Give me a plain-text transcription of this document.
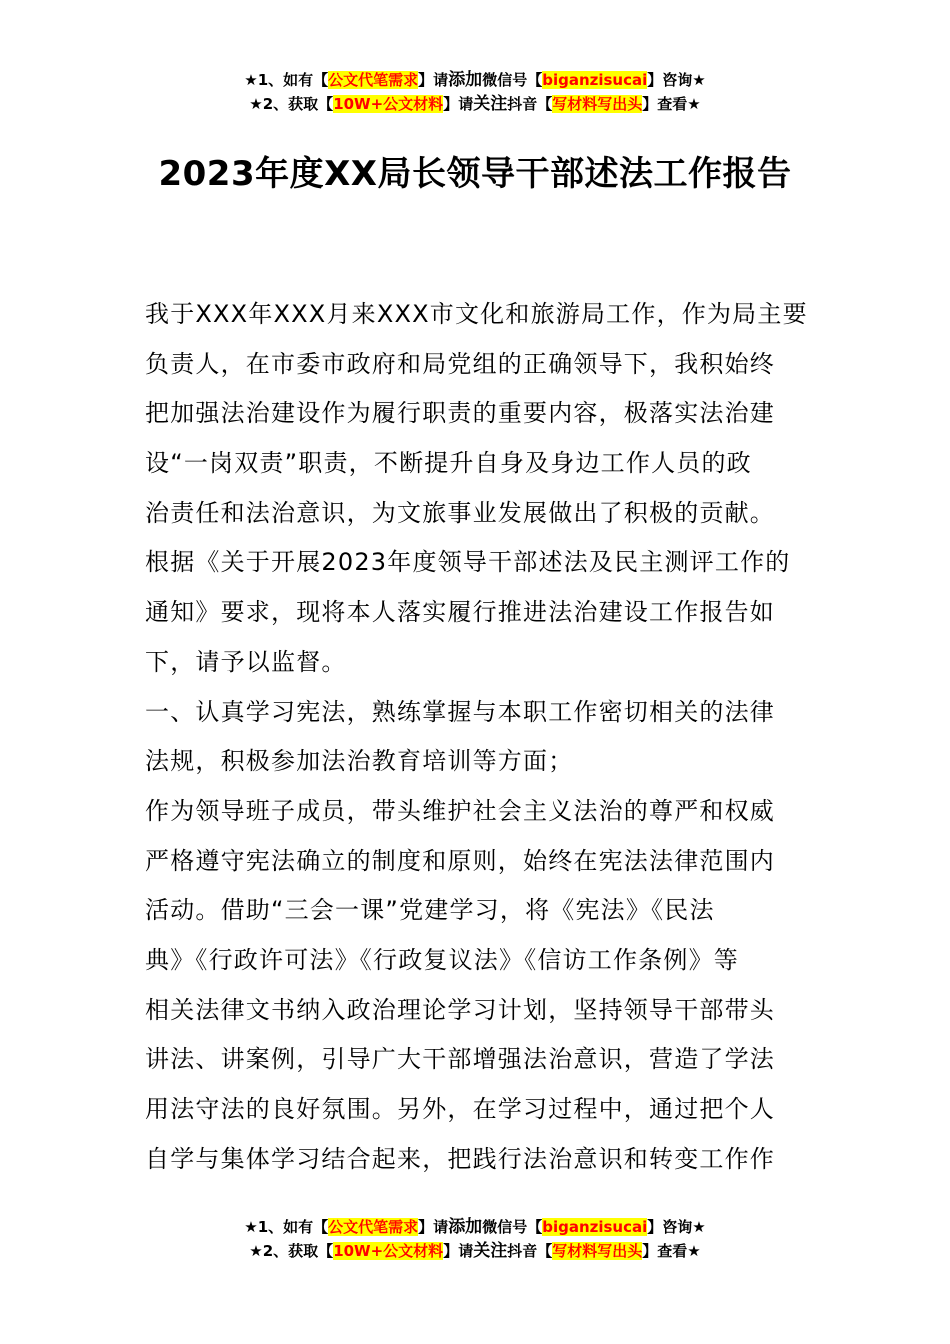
★1、如有【公文代笔需求】请添加微信号【biganzisucai】咨询★
★2、获取【10W+公文材料】请关注抖音【写材料写出头】查看★
2023年度XX局长领导干部述法工作报告
我于XXX年XXX月来XXX市文化和旅游局工作，作为局主要
负责人，在市委市政府和局党组的正确领导下，我积始终
把加强法治建设作为履行职责的重要内容，极落实法治建
设“一岗双责”职责，不断提升自身及身边工作人员的政
治责任和法治意识，为文旅事业发展做出了积极的贡献。
根据《关于开展2023年度领导干部述法及民主测评工作的
通知》要求，现将本人落实履行推进法治建设工作报告如
下，请予以监督。
一、认真学习宪法，熟练掌握与本职工作密切相关的法律
法规，积极参加法治教育培训等方面；
作为领导班子成员，带头维护社会主义法治的尊严和权威
严格遵守宪法确立的制度和原则，始终在宪法法律范围内
活动。借助“三会一课”党建学习，将《宪法》《民法
典》《行政许可法》《行政复议法》《信访工作条例》等
相关法律文书纳入政治理论学习计划，坚持领导干部带头
讲法、讲案例，引导广大干部增强法治意识，营造了学法
用法守法的良好氛围。另外，在学习过程中，通过把个人
自学与集体学习结合起来，把践行法治意识和转变工作作
★1、如有【公文代笔需求】请添加微信号【biganzisucai】咨询★
★2、获取【10W+公文材料】请关注抖音【写材料写出头】查看★
